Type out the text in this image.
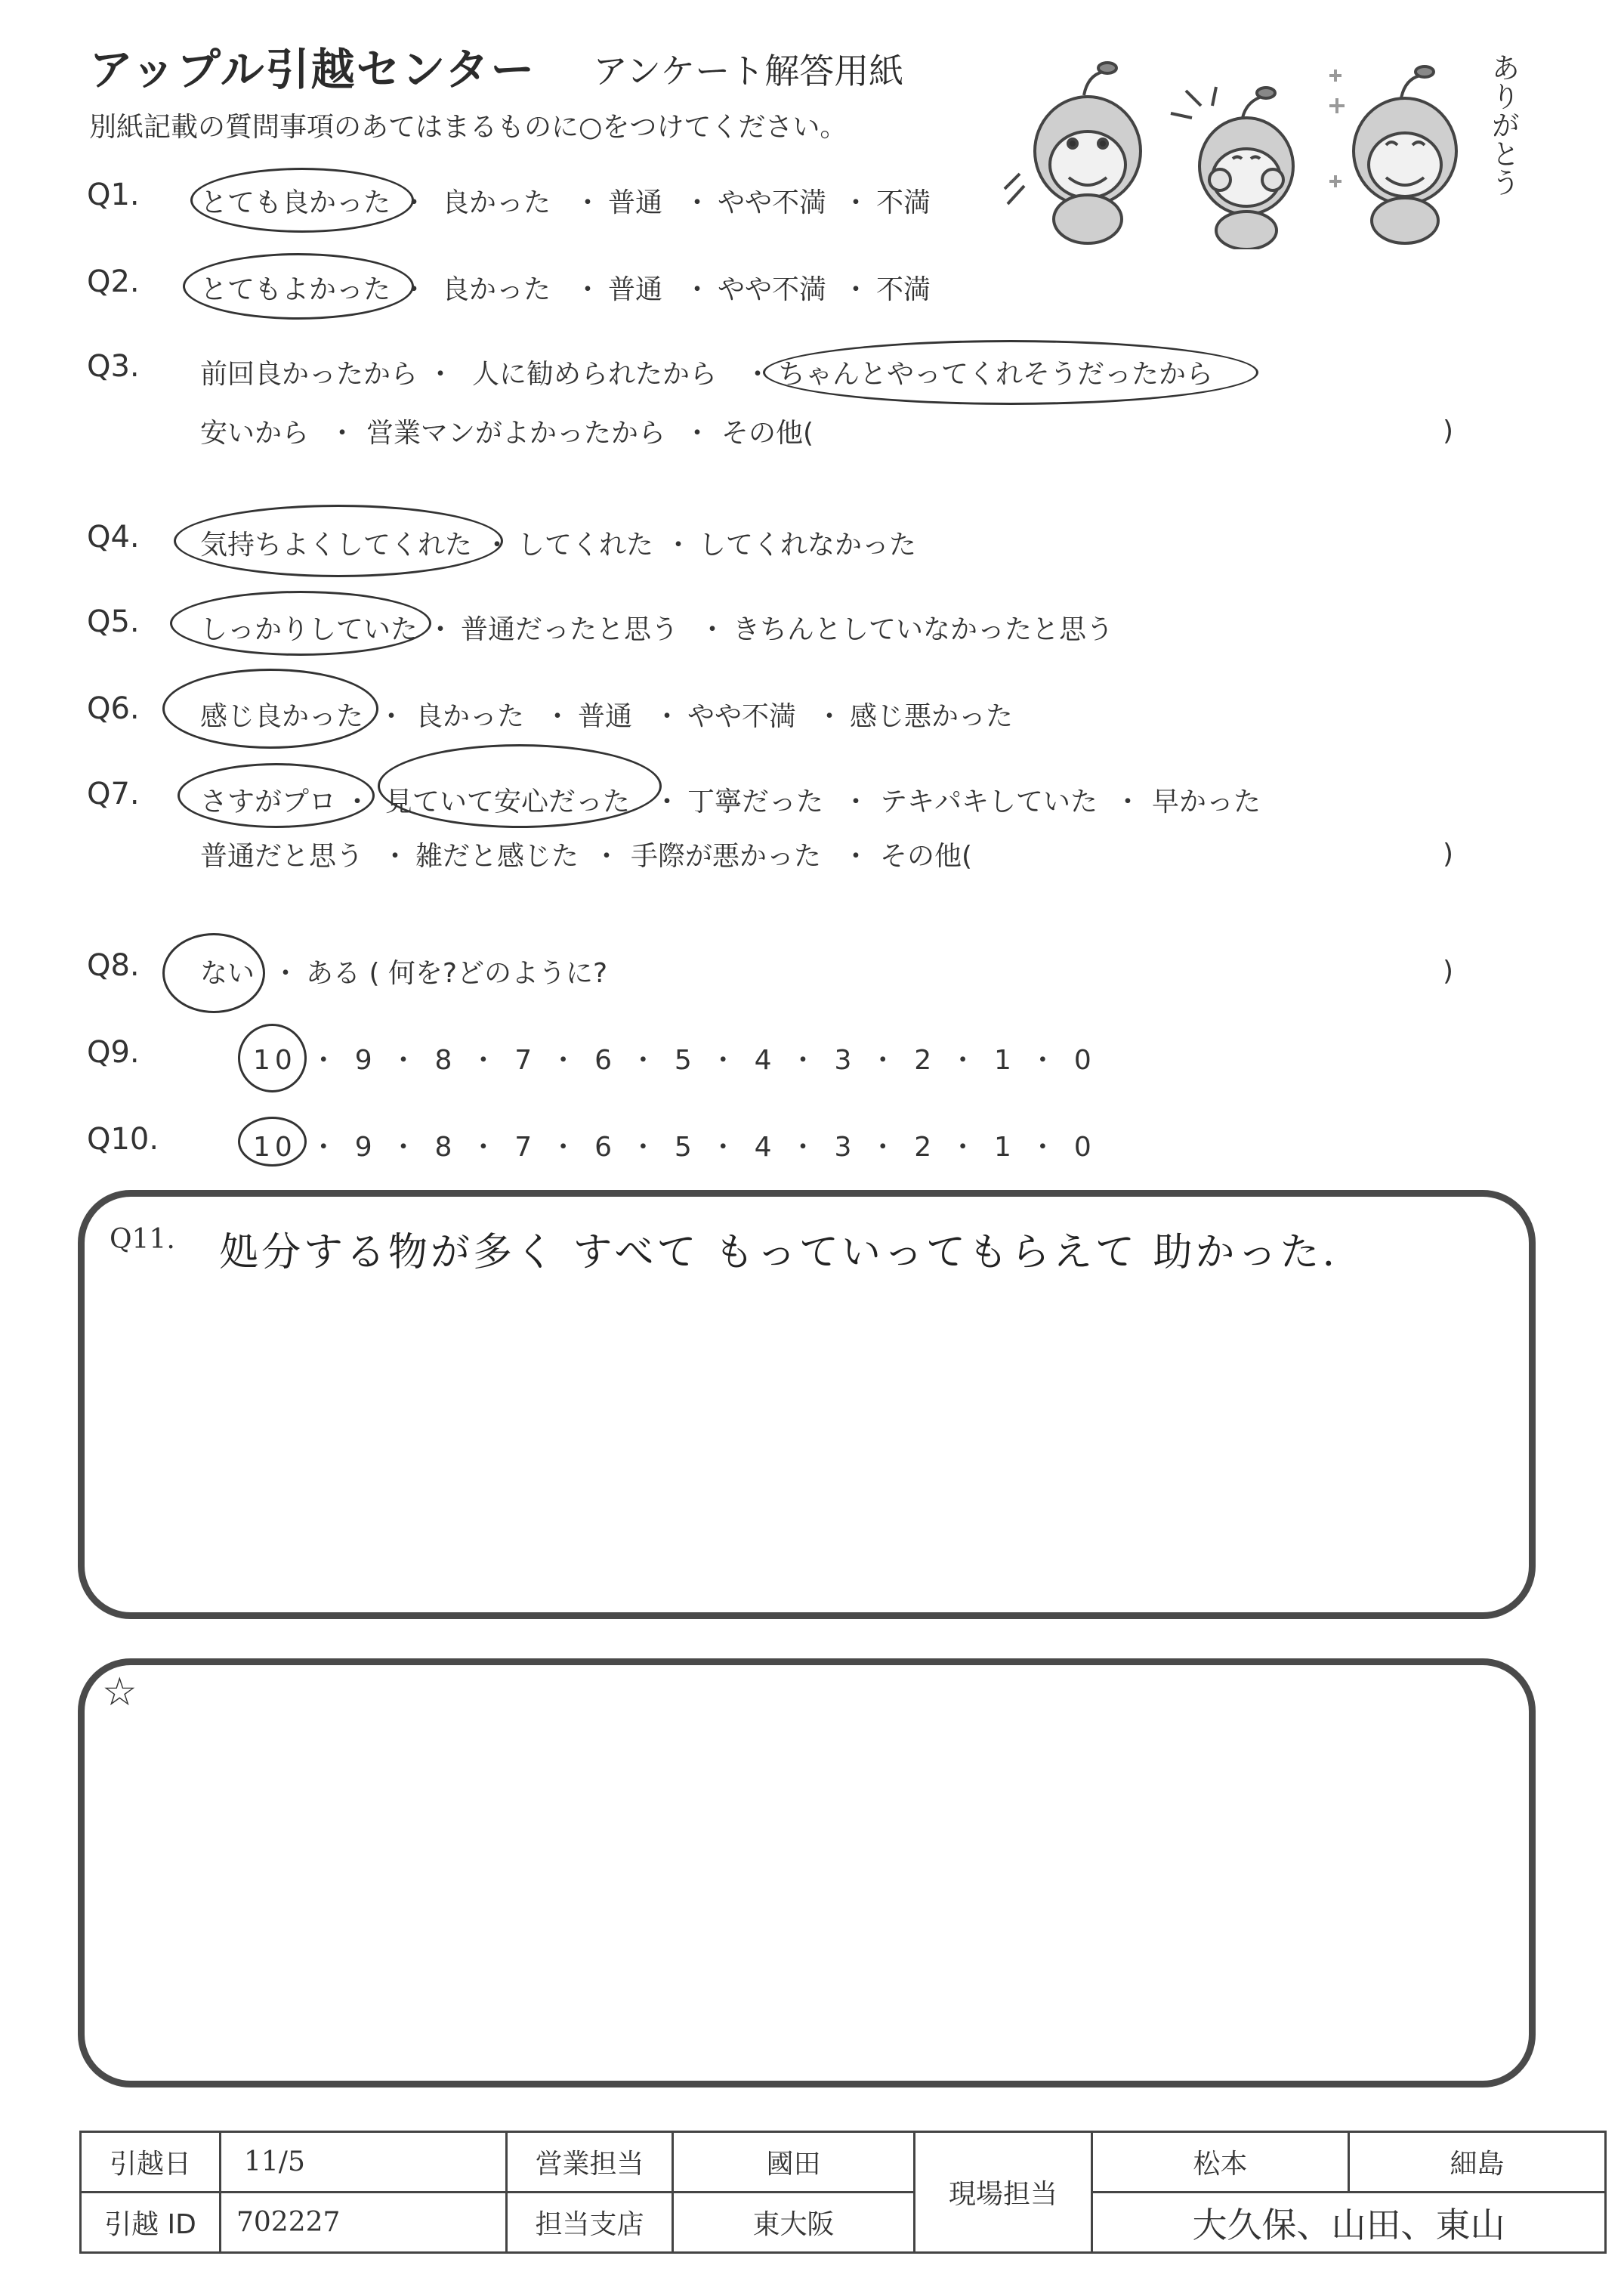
アップル引越センター アンケート解答用紙
別紙記載の質問事項のあてはまるものに○をつけてください。	ありがとう
Q1. とても良かった ・ 良かった ・ 普通 ・ やや不満 ・ 不満
Q2. とてもよかった ・ 良かった ・ 普通 ・ やや不満 ・ 不満
Q3. 前回良かったから ・ 人に勧められたから ・ ちゃんとやってくれそうだったから
安いから ・ 営業マンがよかったから ・ その他(	)
Q4. 気持ちよくしてくれた ・ してくれた ・ してくれなかった
Q5. しっかりしていた ・ 普通だったと思う ・ きちんとしていなかったと思う
Q6. 感じ良かった ・ 良かった ・ 普通 ・ やや不満 ・ 感じ悪かった
Q7. さすがプロ ・ 見ていて安心だった ・ 丁寧だった ・ テキパキしていた ・ 早かった
普通だと思う ・ 雑だと感じた ・ 手際が悪かった ・ その他(	)
Q8. ない ・ ある ( 何を?どのように?	)
Q9.	10 ・ 9 ・ 8 ・ 7 ・ 6 ・ 5 ・ 4 ・ 3 ・ 2 ・ 1 ・ 0
Q10.	10 ・ 9 ・ 8 ・ 7 ・ 6 ・ 5 ・ 4 ・ 3 ・ 2 ・ 1 ・ 0
Q11. 処分する物が多く すべて もっていってもらえて 助かった.
☆
引越日	11/5	営業担当	國田	現場担当	松本	細島
引越 ID	702227	担当支店	東大阪		大久保、山田、東山	
